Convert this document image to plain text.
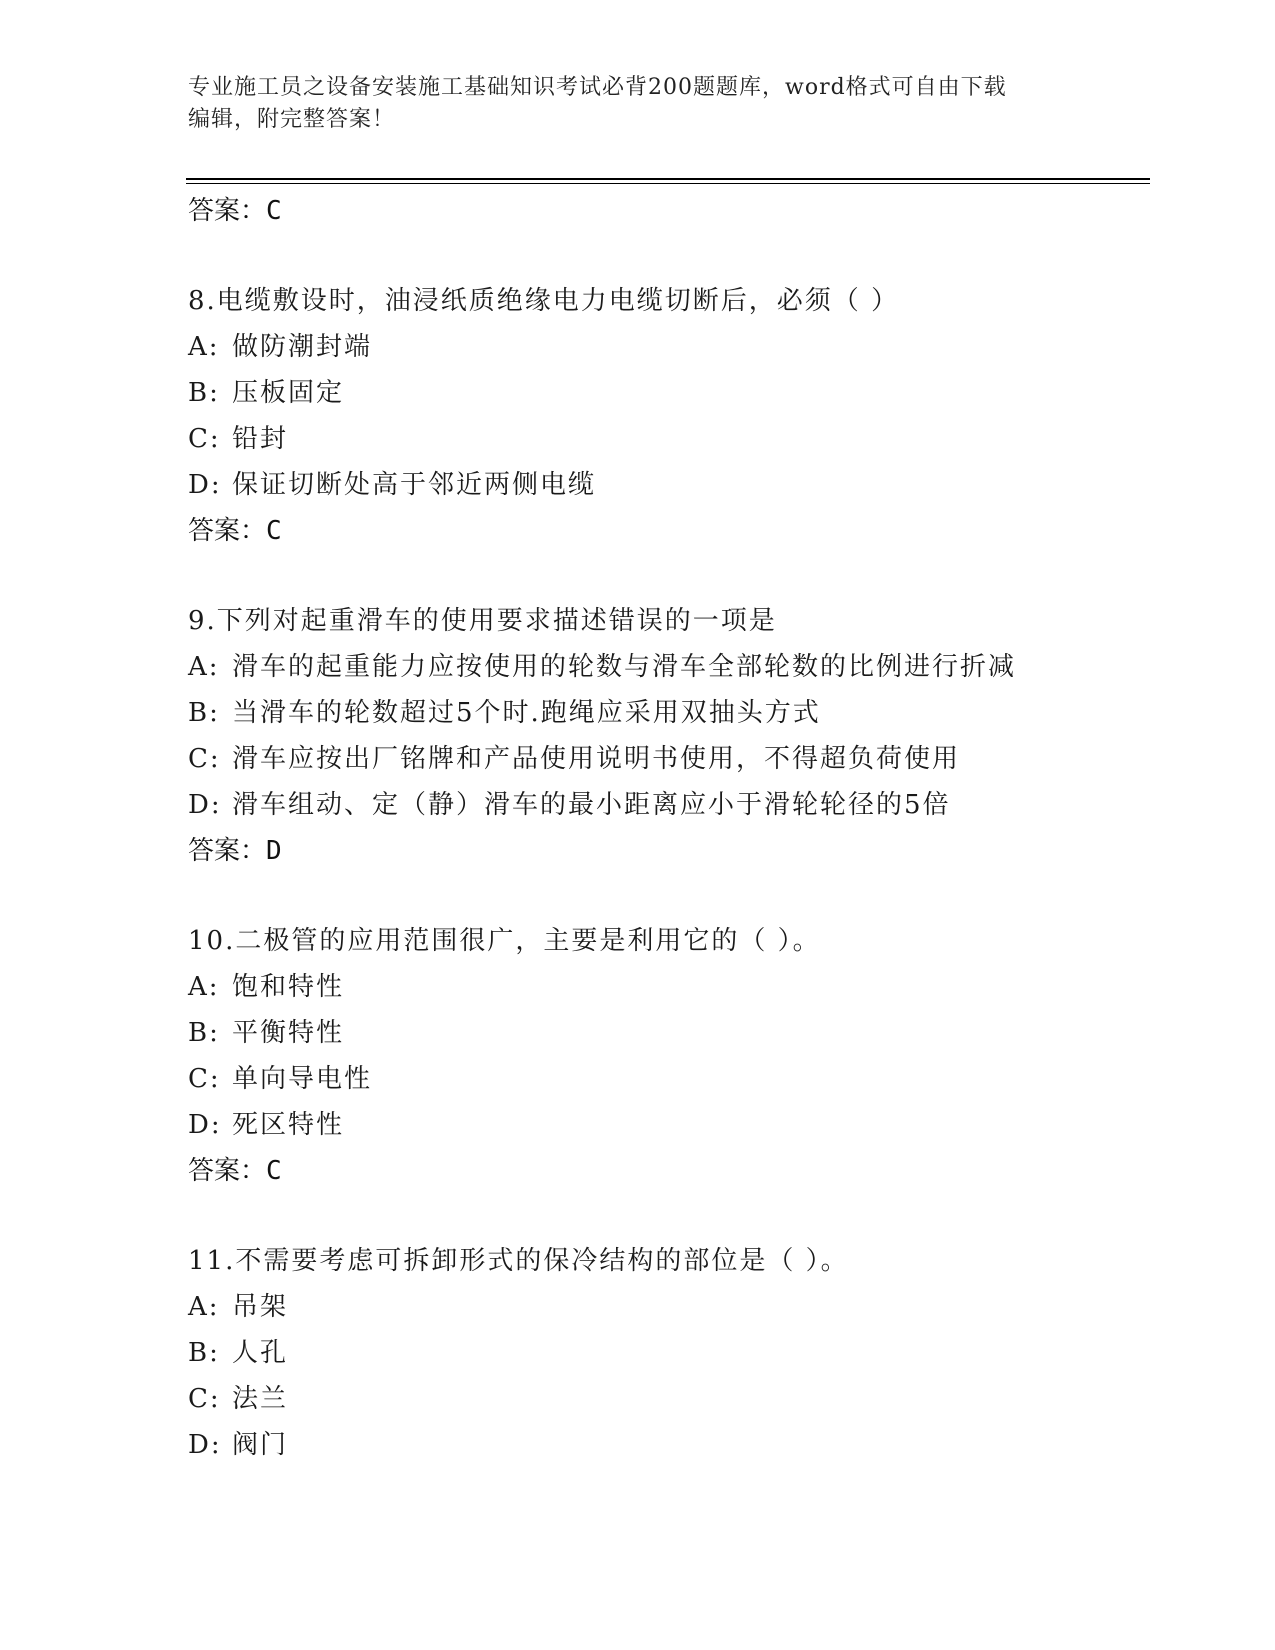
专业施工员之设备安装施工基础知识考试必背200题题库，word格式可自由下载
编辑，附完整答案！
答案：C
8.电缆敷设时，油浸纸质绝缘电力电缆切断后，必须（ ）
A: 做防潮封端
B: 压板固定
C: 铅封
D: 保证切断处高于邻近两侧电缆
答案：C
9.下列对起重滑车的使用要求描述错误的一项是
A: 滑车的起重能力应按使用的轮数与滑车全部轮数的比例进行折减
B: 当滑车的轮数超过5个时.跑绳应采用双抽头方式
C: 滑车应按出厂铭牌和产品使用说明书使用，不得超负荷使用
D: 滑车组动、定（静）滑车的最小距离应小于滑轮轮径的5倍
答案：D
10.二极管的应用范围很广，主要是利用它的（ ）。
A: 饱和特性
B: 平衡特性
C: 单向导电性
D: 死区特性
答案：C
11.不需要考虑可拆卸形式的保冷结构的部位是（ ）。
A: 吊架
B: 人孔
C: 法兰
D: 阀门
